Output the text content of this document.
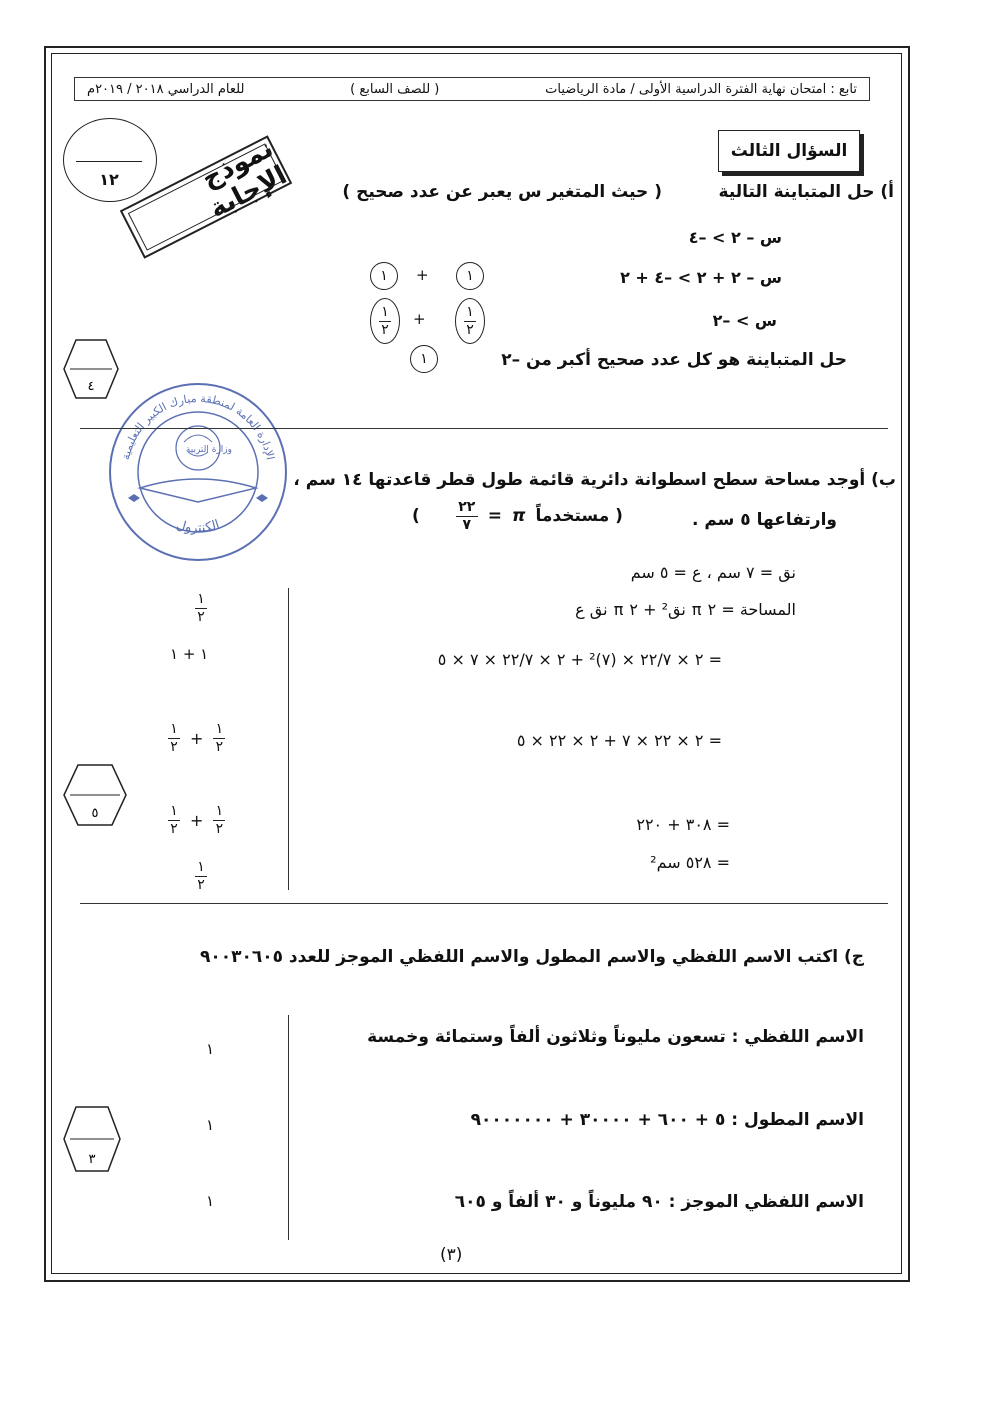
تابع : امتحان نهاية الفترة الدراسية الأولى / مادة الرياضيات
( للصف السابع )
للعام الدراسي ٢٠١٨ / ٢٠١٩م
السؤال الثالث
١٢	نموذج الإجابة
الإدارة العامة لمنطقة مبارك الكبير التعليمية
الكنترول
وزارة التربية
أ) حل المتباينة التالية
( حيث المتغير س يعبر عن عدد صحيح )
س – ٢ > –٤
س – ٢ + ٢ > –٤ + ٢
س > –٢
حل المتباينة هو كل عدد صحيح أكبر من –٢
١
+
١
$\frac{١}{٢}$
+
$\frac{١}{٢}$
١
٤
ب) أوجد مساحة سطح اسطوانة دائرية قائمة طول قطر قاعدتها ١٤ سم ،
وارتفاعها ٥ سم .
( مستخدماً
π
=
$\frac{٢٢}{٧}$
)
نق = ٧ سم ، ع = ٥ سم
المساحة = ٢ π نق² + ٢ π نق ع
= ٢ × ٢٢/٧ × (٧)² + ٢ × ٢٢/٧ × ٧ × ٥
= ٢ × ٢٢ × ٧ + ٢ × ٢٢ × ٥
= ٣٠٨ + ٢٢٠
= ٥٢٨ سم²
$\frac{١}{٢}$
١ + ١
$\frac{١}{٢}$
+
$\frac{١}{٢}$
$\frac{١}{٢}$
+
$\frac{١}{٢}$
$\frac{١}{٢}$
٥
ج) اكتب الاسم اللفظي والاسم المطول والاسم اللفظي الموجز للعدد ٩٠٠٣٠٦٠٥
الاسم اللفظي : تسعون مليوناً وثلاثون ألفاً وستمائة وخمسة
الاسم المطول : ٥ + ٦٠٠ + ٣٠٠٠٠ + ٩٠٠٠٠٠٠٠
الاسم اللفظي الموجز : ٩٠ مليوناً و ٣٠ ألفاً و ٦٠٥
١
١
١
٣
(٣)
